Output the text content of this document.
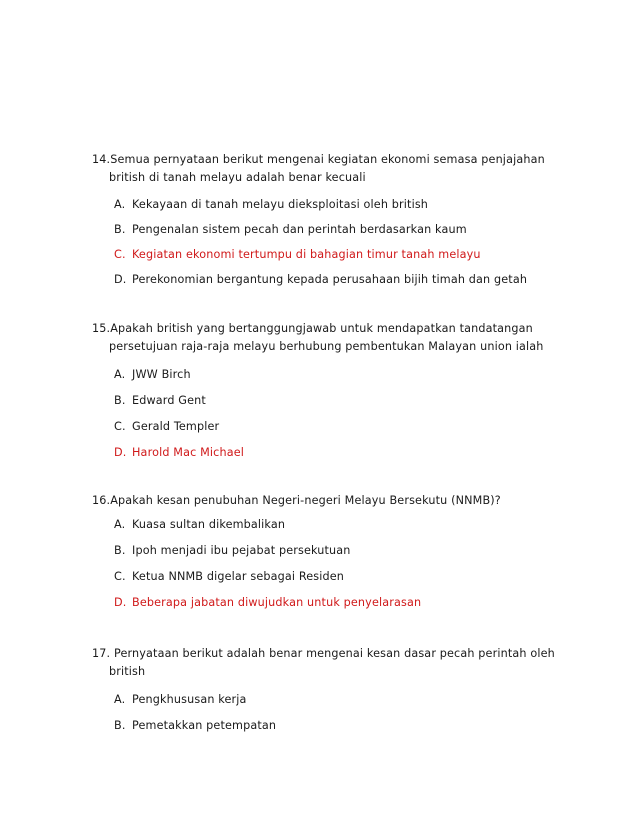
14. Semua pernyataan berikut mengenai kegiatan ekonomi semasa penjajahan
british di tanah melayu adalah benar kecuali
A. Kekayaan di tanah melayu dieksploitasi oleh british
B. Pengenalan sistem pecah dan perintah berdasarkan kaum
C. Kegiatan ekonomi tertumpu di bahagian timur tanah melayu
D. Perekonomian bergantung kepada perusahaan bijih timah dan getah
15. Apakah british yang bertanggungjawab untuk mendapatkan tandatangan
persetujuan raja-raja melayu berhubung pembentukan Malayan union ialah
A. JWW Birch
B. Edward Gent
C. Gerald Templer
D. Harold Mac Michael
16. Apakah kesan penubuhan Negeri-negeri Melayu Bersekutu (NNMB)?
A. Kuasa sultan dikembalikan
B. Ipoh menjadi ibu pejabat persekutuan
C. Ketua NNMB digelar sebagai Residen
D. Beberapa jabatan diwujudkan untuk penyelarasan
17. Pernyataan berikut adalah benar mengenai kesan dasar pecah perintah oleh
british
A. Pengkhususan kerja
B. Pemetakkan petempatan
